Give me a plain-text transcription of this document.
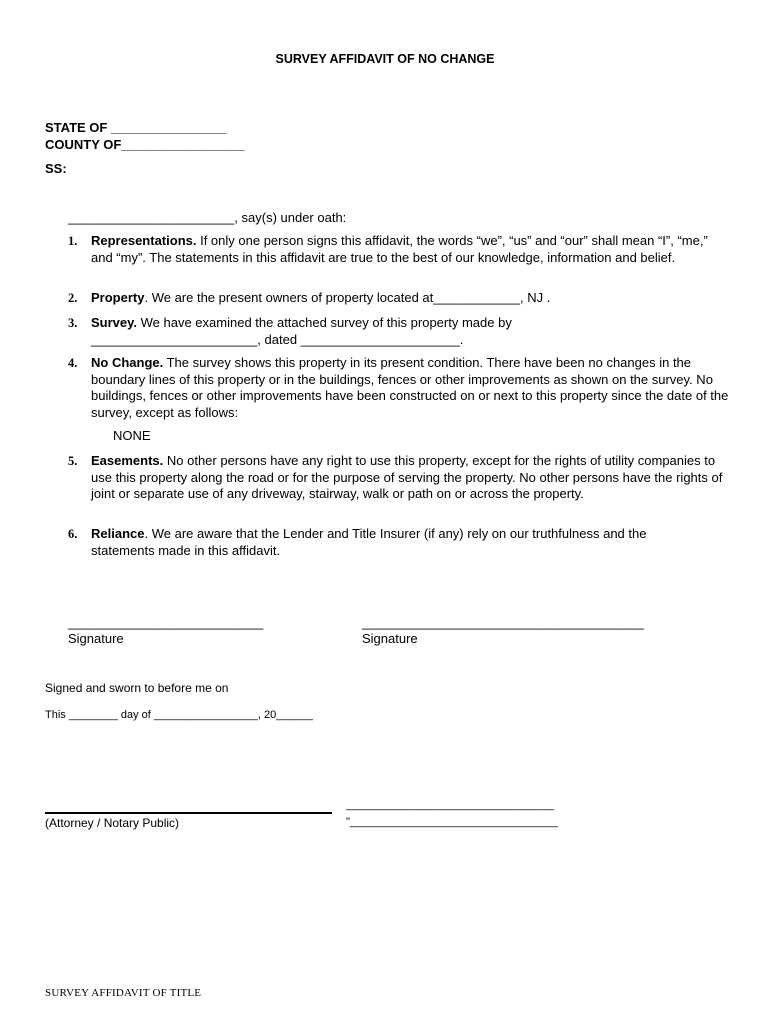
SURVEY AFFIDAVIT OF NO CHANGE
STATE OF ________________
COUNTY OF_________________
SS:
_______________________, say(s) under oath:
1. Representations. If only one person signs this affidavit, the words “we”, “us” and “our” shall mean “I”, “me,” and “my”. The statements in this affidavit are true to the best of our knowledge, information and belief.
2. Property. We are the present owners of property located at____________, NJ .
3. Survey. We have examined the attached survey of this property made by _______________________, dated ______________________.
4. No Change. The survey shows this property in its present condition. There have been no changes in the boundary lines of this property or in the buildings, fences or other improvements as shown on the survey. No buildings, fences or other improvements have been constructed on or next to this property since the date of the survey, except as follows:
NONE
5. Easements. No other persons have any right to use this property, except for the rights of utility companies to use this property along the road or for the purpose of serving the property. No other persons have the rights of joint or separate use of any driveway, stairway, walk or path on or across the property.
6. Reliance. We are aware that the Lender and Title Insurer (if any) rely on our truthfulness and the statements made in this affidavit.
___________________________
Signature
_______________________________________
Signature
Signed and sworn to before me on
This ________ day of _________________, 20______
(Attorney / Notary Public)
__________________________________
"__________________________________
SURVEY AFFIDAVIT OF TITLE
